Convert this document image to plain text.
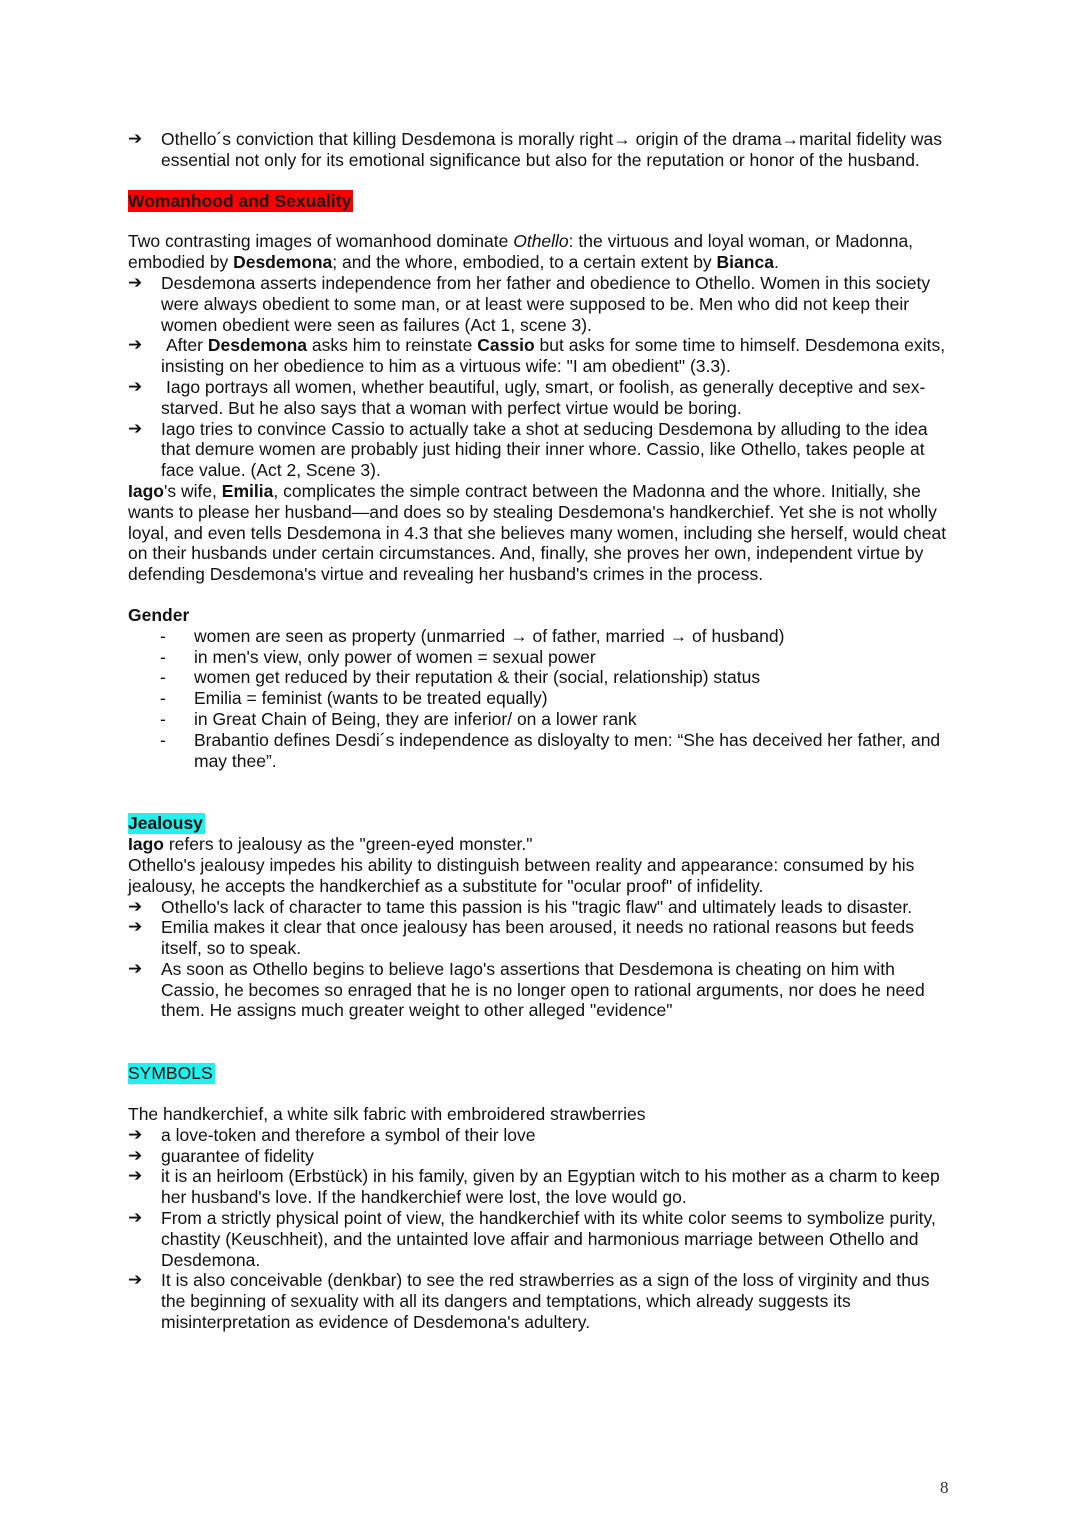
➔ Othello´s conviction that killing Desdemona is morally right→ origin of the drama→marital fidelity was essential not only for its emotional significance but also for the reputation or honor of the husband.

Womanhood and Sexuality

Two contrasting images of womanhood dominate Othello: the virtuous and loyal woman, or Madonna, embodied by Desdemona; and the whore, embodied, to a certain extent by Bianca.

➔ Desdemona asserts independence from her father and obedience to Othello. Women in this society were always obedient to some man, or at least were supposed to be. Men who did not keep their women obedient were seen as failures (Act 1, scene 3).
➔ After Desdemona asks him to reinstate Cassio but asks for some time to himself. Desdemona exits, insisting on her obedience to him as a virtuous wife: "I am obedient" (3.3).
➔ Iago portrays all women, whether beautiful, ugly, smart, or foolish, as generally deceptive and sex-starved. But he also says that a woman with perfect virtue would be boring.
➔ Iago tries to convince Cassio to actually take a shot at seducing Desdemona by alluding to the idea that demure women are probably just hiding their inner whore. Cassio, like Othello, takes people at face value. (Act 2, Scene 3).

Iago's wife, Emilia, complicates the simple contract between the Madonna and the whore. Initially, she wants to please her husband—and does so by stealing Desdemona's handkerchief. Yet she is not wholly loyal, and even tells Desdemona in 4.3 that she believes many women, including she herself, would cheat on their husbands under certain circumstances. And, finally, she proves her own, independent virtue by defending Desdemona's virtue and revealing her husband's crimes in the process.

Gender

- women are seen as property (unmarried → of father, married → of husband)
- in men's view, only power of women = sexual power
- women get reduced by their reputation & their (social, relationship) status
- Emilia = feminist (wants to be treated equally)
- in Great Chain of Being, they are inferior/ on a lower rank
- Brabantio defines Desdi´s independence as disloyalty to men: “She has deceived her father, and may thee”.

Jealousy

Iago refers to jealousy as the "green-eyed monster."

Othello's jealousy impedes his ability to distinguish between reality and appearance: consumed by his jealousy, he accepts the handkerchief as a substitute for "ocular proof" of infidelity.

➔ Othello's lack of character to tame this passion is his "tragic flaw" and ultimately leads to disaster.
➔ Emilia makes it clear that once jealousy has been aroused, it needs no rational reasons but feeds itself, so to speak.
➔ As soon as Othello begins to believe Iago's assertions that Desdemona is cheating on him with Cassio, he becomes so enraged that he is no longer open to rational arguments, nor does he need them. He assigns much greater weight to other alleged "evidence"

SYMBOLS

The handkerchief, a white silk fabric with embroidered strawberries

➔ a love-token and therefore a symbol of their love
➔ guarantee of fidelity
➔ it is an heirloom (Erbstück) in his family, given by an Egyptian witch to his mother as a charm to keep her husband's love. If the handkerchief were lost, the love would go.
➔ From a strictly physical point of view, the handkerchief with its white color seems to symbolize purity, chastity (Keuschheit), and the untainted love affair and harmonious marriage between Othello and Desdemona.
➔ It is also conceivable (denkbar) to see the red strawberries as a sign of the loss of virginity and thus the beginning of sexuality with all its dangers and temptations, which already suggests its misinterpretation as evidence of Desdemona's adultery.
8
